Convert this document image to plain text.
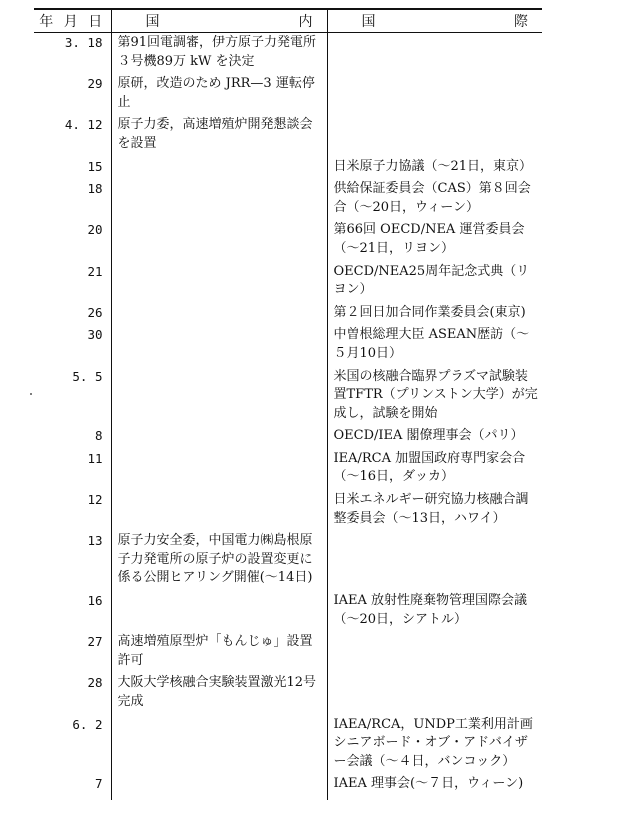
年 月 日	国 内	国 際

3. 18	第91回電調審，伊方原子力発電所３号機89万 kW を決定	
29	原研，改造のため JRR—3 運転停止	
4. 12	原子力委，高速増殖炉開発懇談会を設置	
15		日米原子力協議（〜21日，東京）
18		供給保証委員会（CAS）第８回会合（〜20日，ウィーン）
20		第66回 OECD/NEA 運営委員会（〜21日，リヨン）
21		OECD/NEA25周年記念式典（リヨン）
26		第２回日加合同作業委員会(東京)
30		中曽根総理大臣 ASEAN歴訪（〜５月10日）
5. 5		米国の核融合臨界プラズマ試験装置TFTR（プリンストン大学）が完成し，試験を開始
8		OECD/IEA 閣僚理事会（パリ）
11		IEA/RCA 加盟国政府専門家会合（〜16日，ダッカ）
12		日米エネルギー研究協力核融合調整委員会（〜13日，ハワイ）
13	原子力安全委，中国電力㈱島根原子力発電所の原子炉の設置変更に係る公開ヒアリング開催(〜14日)	
16		IAEA 放射性廃棄物管理国際会議（〜20日，シアトル）
27	高速増殖原型炉「もんじゅ」設置許可	
28	大阪大学核融合実験装置激光12号完成	
6. 2		IAEA/RCA，UNDP工業利用計画シニアボード・オブ・アドバイザー会議（〜４日，バンコック）
7		IAEA 理事会(〜７日，ウィーン)
